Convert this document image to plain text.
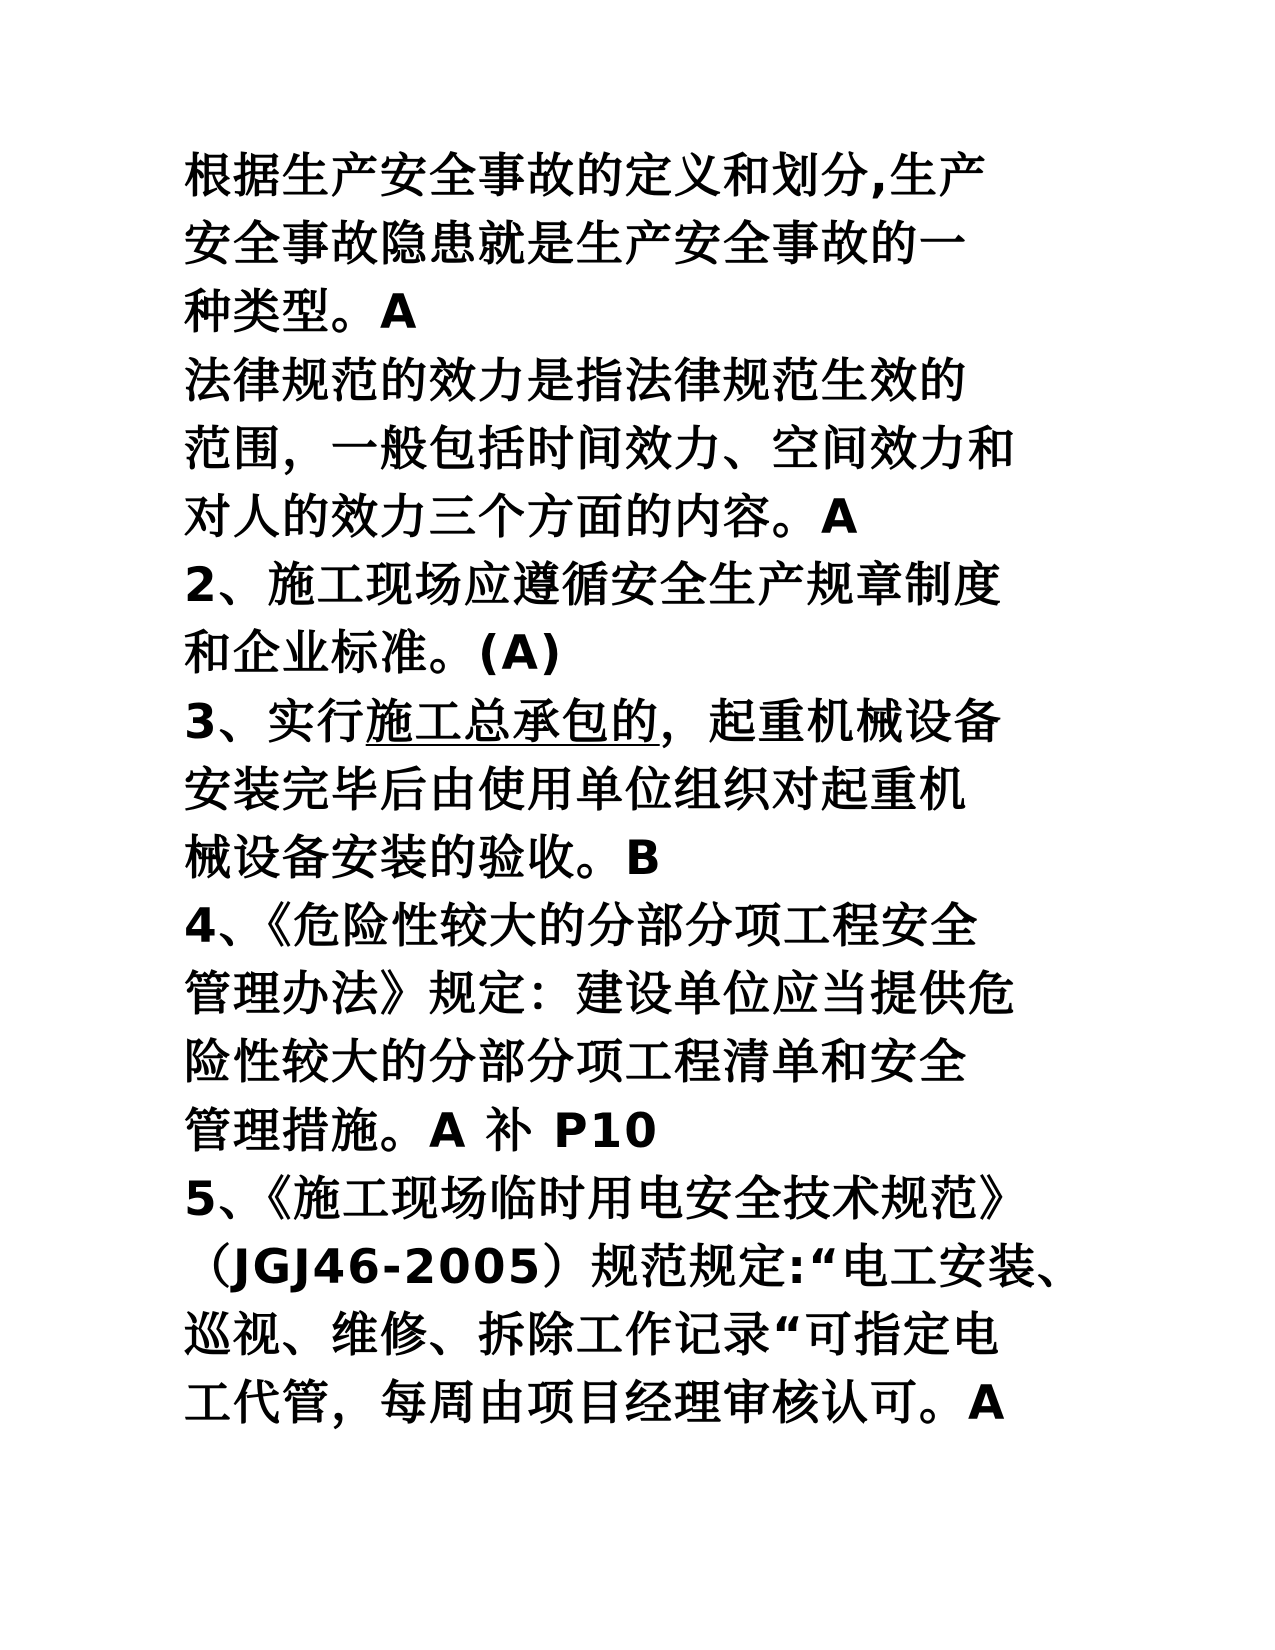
根据生产安全事故的定义和划分,生产
安全事故隐患就是生产安全事故的一
种类型。A
法律规范的效力是指法律规范生效的
范围，一般包括时间效力、空间效力和
对人的效力三个方面的内容。A
2、施工现场应遵循安全生产规章制度
和企业标准。(A)
3、实行施工总承包的，起重机械设备
安装完毕后由使用单位组织对起重机
械设备安装的验收。B
4、《危险性较大的分部分项工程安全
管理办法》规定：建设单位应当提供危
险性较大的分部分项工程清单和安全
管理措施。A 补 P10
5、《施工现场临时用电安全技术规范》
（JGJ46-2005）规范规定:“电工安装、
巡视、维修、拆除工作记录“可指定电
工代管，每周由项目经理审核认可。A
